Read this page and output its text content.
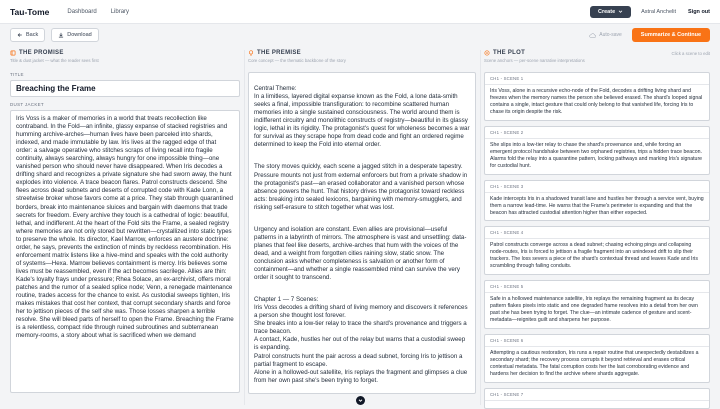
Tau-Tome	Dashboard Library	Create	Astral Anchelit Sign out
Back	Download	Auto-save	Summarize & Continue
THE PROMISE
Title & dust jacket — what the reader sees first
TITLE
Breaching the Frame
DUST JACKET

Iris Voss is a maker of memories in a world that treats recollection like contraband. In the Fold—an infinite, glassy expanse of stacked registries and humming archive-arches—human lives have been parceled into shards, indexed, and made immutable by law. Iris lives at the ragged edge of that order: a salvage operative who stitches scraps of living recall into fragile continuity, always searching, always hungry for one impossible thing—one vanished person who should never have disappeared. When Iris decodes a drifting shard and recognizes a private signature she had sworn away, the hunt explodes into violence. A trace beacon flares. Patrol constructs descend. She flees across dead subnets and deserts of corrupted code with Kade Lonn, a streetwise broker whose favors come at a price. They stab through quarantined borders, break into maintenance sluices and bargain with daemons that trade secrets for freedom. Every archive they touch is a cathedral of logic: beautiful, lethal, and indifferent. At the heart of the Fold sits the Frame, a sealed registry where memories are not only stored but rewritten—crystallized into static types to preserve the whole. Its director, Kael Marrow, enforces an austere doctrine: order, he says, prevents the extinction of minds by reckless recombination. His enforcement matrix listens like a hive-mind and speaks with the cold authority of systems—Hexa. Marrow believes containment is mercy. Iris believes some lives must be reassembled, even if the act becomes sacrilege. Allies are thin: Kade's loyalty frays under pressure; Rhea Solace, an ex-archivist, offers moral patches and the rumor of a sealed splice node; Venn, a renegade maintenance routine, trades access for the chance to exist. As custodial sweeps tighten, Iris makes mistakes that cost her context, that corrupt secondary shards and force her to jettison pieces of the self she was. Those losses sharpen a terrible resolve. She will bleed parts of herself to open the Frame. Breaching the Frame is a relentless, compact ride through ruined subroutines and subterranean memory-rooms, a story about what is sacrificed when we demand

THE PREMISE
Core concept — the thematic backbone of the story

Central Theme:
In a limitless, layered digital expanse known as the Fold, a lone data-smith seeks a final, impossible transfiguration: to recombine scattered human memories into a single sustained consciousness. The world around them is indifferent circuitry and monolithic constructs of registry—beautiful in its glassy logic, lethal in its rigidity. The protagonist's quest for wholeness becomes a war for survival as they scrape hope from dead code and fight an ordered regime determined to keep the Fold into eternal order.

The story moves quickly, each scene a jagged stitch in a desperate tapestry. Pressure mounts not just from external enforcers but from a private shadow in the protagonist's past—an erased collaborator and a vanished person whose absence powers the hunt. That history drives the protagonist toward reckless acts: breaking into sealed lexicons, bargaining with memory-smugglers, and risking self-erasure to stitch together what was lost.

Urgency and isolation are constant. Even allies are provisional—useful patterns in a labyrinth of mirrors. The atmosphere is vast and unsettling: data-planes that feel like deserts, archive-arches that hum with the voices of the dead, and a weight from forgotten cities raining slow, static snow. The conclusion asks whether completeness is salvation or another form of containment—and whether a single reassembled mind can survive the very order it sought to transcend.

Chapter 1 — 7 Scenes:
Iris Voss decodes a drifting shard of living memory and discovers it references a person she thought lost forever.
She breaks into a low-tier relay to trace the shard's provenance and triggers a trace beacon.
A contact, Kade, hustles her out of the relay but warns that a custodial sweep is expanding.
Patrol constructs hunt the pair across a dead subnet, forcing Iris to jettison a partial fragment to escape.
Alone in a hollowed-out satellite, Iris replays the fragment and glimpses a clue from her own past she's been trying to forget.

THE PLOT
Scene anchors — per-scene narrative interpretations
Click a scene to edit
CH1 - SCENE 1
Iris Voss, alone in a recursive echo-node of the Fold, decodes a drifting living shard and freezes when the memory names the person she believed erased. The shard's looped signal contains a single, intact gesture that could only belong to that vanished life, forcing Iris to chase its origin despite the risk.
CH1 - SCENE 2
She slips into a low-tier relay to chase the shard's provenance and, while forcing an emergent protocol handshake between two orphaned registries, trips a hidden trace beacon. Alarms fold the relay into a quarantine pattern, locking pathways and marking Iris's signature for custodial hunt.
CH1 - SCENE 3
Kade intercepts Iris in a shadowed transit lane and hustles her through a service vent, buying them a narrow lead-time. He warns that the Frame's perimeter is expanding and that the beacon has attracted custodial attention higher than either expected.
CH1 - SCENE 4
Patrol constructs converge across a dead subnet; chasing echoing pings and collapsing node-routes, Iris is forced to jettison a fragile fragment into an unindexed drift to slip their trackers. The loss severs a piece of the shard's contextual thread and leaves Kade and Iris scrambling through failing conduits.
CH1 - SCENE 5
Safe in a hollowed maintenance satellite, Iris replays the remaining fragment as its decay pattern flakes pixels into static and one degraded frame resolves into a detail from her own past she has been trying to forget. The clue—an intimate cadence of gesture and scent-metadata—reignites guilt and sharpens her purpose.
CH1 - SCENE 6
Attempting a cautious restoration, Iris runs a repair routine that unexpectedly destabilizes a secondary shard; the recovery process corrupts it beyond retrieval and erases critical contextual metadata. The fatal corruption costs her the last corroborating evidence and hardens her decision to find the archive where shards aggregate.
CH1 - SCENE 7
